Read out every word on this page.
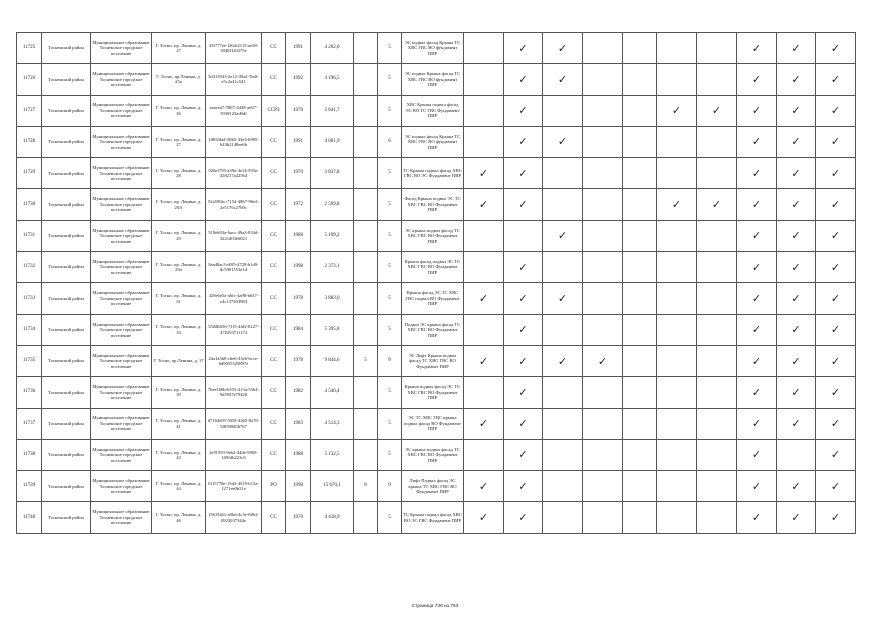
11725	Тосненский район	Муниципальное образование Тосненское городское поселение	Г. Тосно, пр. Ленина, д. 27	35f777ee-f26d-4115-ae58-3048f1a9275e	СС	1991	4 202,0		5	ЭС подвал фасад Крыша ТС ХВС ГВС ВО фундамент ПИР		✓	✓					✓	✓	✓
11726	Тосненский район	Муниципальное образование Тосненское городское поселение	Г. Тосно, пр.Ленина, д. 25а	5d313943-2e12-49a2-7bdf-e5c2a41c541	СС	1992	4 196,5		5	ЭС подвал Крыша фасад ТС ХВС ГВС ВО фундамент ПИР		✓	✓					✓	✓	✓
11727	Тосненский район	Муниципальное образование Тосненское городское поселение	Г. Тосно, пр. Ленина, д. 26	eaacea7-7887-4438-ae07-5938123ad0df	ССРЗ	1970	2 641,7		5	ХВС Крыша подвал фасад ЭС ВО ТС ГВС Фундамент ПИР		✓				✓	✓	✓	✓	✓
11728	Тосненский район	Муниципальное образование Тосненское городское поселение	Г. Тосно, пр. Ленина, д. 27	1f802dad-58b5-43e4-b995-643b2148ee6b	СС	1991	4 001,9		6	ЭС подвал фасад Крыша ТС ХВС ГВС ВО фундамент ПИР		✓	✓					✓	✓	✓
11729	Тосненский район	Муниципальное образование Тосненское городское поселение	Г. Тосно, пр. Ленина, д. 28	026ef795-a39a-4e14-593a-458217a42564	СС	1970	3 837,8		5	ТС Крыша подвал фасад ХВС ГВС ВО ЭС Фундамент ПИР	✓	✓						✓	✓	✓
11730	Тосненский район	Муниципальное образование Тосненское городское поселение	Г. Тосно, пр. Ленина, д. 29А	52a590ac-7154-4867-96e2-2e5176c2769c	СС	1972	2 599,8		5	Фасад Крыша подвал ЭС ТС ХВС ГВС ВО Фундамент ПИР	✓	✓				✓	✓	✓	✓	✓
11731	Тосненский район	Муниципальное образование Тосненское городское поселение	Г. Тосно, пр. Ленина, д. 29	519eb93a-6acc-49a3-834d-3221d03e6021	СС	1988	5 109,2		5	ЭС крыша подвал фасад ТС ХВС ГВС ВО Фундамент ПИР			✓					✓	✓	✓
11732	Тосненский район	Муниципальное образование Тосненское городское поселение	Г. Тосно, пр. Ленина, д. 29а	8aa48ac3-d0f5-4728-b1d9-dc5981553e1d	СС	1998	2 373,1		5	Крыша фасад подвал ЭС ТС ХВС ГВС ВО Фундамент ПИР		✓						✓	✓	✓
11733	Тосненский район	Муниципальное образование Тосненское городское поселение	Г. Тосно, пр. Ленина, д. 31	329e6e5a-a6fc-4a98-b637-e4c137203983	СС	1978	3 883,0		5	Крыша фасад ЭС ТС ХВС ГВС подвал ВО Фундамент ПИР	✓	✓	✓					✓	✓	✓
11734	Тосненский район	Муниципальное образование Тосненское городское поселение	Г. Тосно, пр. Ленина, д. 33	552db056-71f5-4fd2-8227-47029371f174	СС	1984	5 395,8		5	Подвал ЭС крыша фасад ТС ХВС ГВС ВО Фундамент ПИР		✓						✓	✓	✓
11735	Тосненский район	Муниципальное образование Тосненское городское поселение	Г. Тосно, пр.Ленина, д. 37	24a1a5b0-cbe6-43e6-bcce-6d9055529897e	СС	1978	9 844,6	5	9	ЭС Лифт Крыша подвал фасад ТС ХВС ГВС ВО Фундамент ПИР	✓	✓	✓	✓				✓	✓	✓
11736	Тосненский район	Муниципальное образование Тосненское городское поселение	Г. Тосно, пр. Ленина, д. 39	76ee1b8b-b555-413a-55b4-9d5947e79428	СС	1982	4 540,4		5	Крыша подвал фасад ЭС ТС ХВС ГВС ВО Фундамент ПИР		✓						✓	✓	✓
11737	Тосненский район	Муниципальное образование Тосненское городское поселение	Г. Тосно, пр. Ленина, д. 41	d7164e05-5058-4465-8a70-5f8590d5b767	СС	1983	4 514,3		5	ЭС ТС ХВС ГВС крыша подвал фасад ВО Фундамент ПИР	✓	✓						✓	✓	✓
11738	Тосненский район	Муниципальное образование Тосненское городское поселение	Г. Тосно, пр. Ленина, д. 43	1e91593-9eb2-44de-9903-109fdb223c9	СС	1988	5 132,5		5	ЭС крыша подвал фасад ТС ХВС ГВС ВО Фундамент ПИР		✓						✓		✓
11739	Тосненский район	Муниципальное образование Тосненское городское поселение	Г. Тосно, пр. Ленина, д. 44	01f5778e-15d3-4519-b13a-1271ee0b51e	РО	1998	15 670,1	8	9	Лифт Подвал фасад ЭС крыша ТС ХВС ГВС ВО Фундамент ПИР	✓	✓						✓	✓	✓
11740	Тосненский район	Муниципальное образование Тосненское городское поселение	Г. Тосно, пр. Ленина, д. 46	f5619a61-a9bd-4c3e-8f8d-0923037344e	СС	1970	4 418,9		5	ТС Крыша подвал фасад ХВС ВО ЭС ГВС Фундамент ПИР	✓	✓						✓	✓	✓
Страница 736 из 753
